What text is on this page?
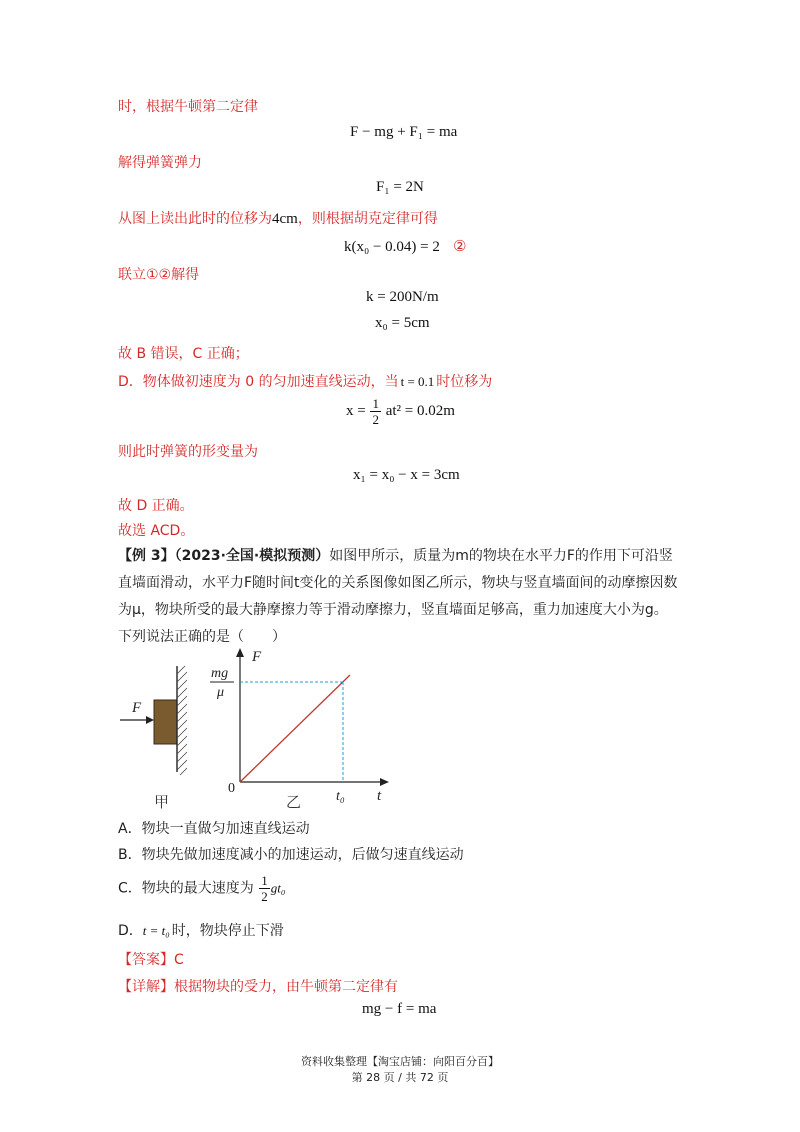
时，根据牛顿第二定律
F − mg + F₁ = ma
解得弹簧弹力
F₁ = 2N
从图上读出此时的位移为4cm，则根据胡克定律可得
k(x₀ − 0.04) = 2 ②
联立①②解得
k = 200N/m
x₀ = 5cm
故 B 错误，C 正确；
D．物体做初速度为 0 的匀加速直线运动，当 t = 0.1 时位移为
$x = \frac{1}{2} at^2 = 0.02m$
则此时弹簧的形变量为
x₁ = x₀ − x = 3cm
故 D 正确。
故选 ACD。
【例 3】（2023·全国·模拟预测）如图甲所示，质量为m的物块在水平力F的作用下可沿竖直墙面滑动，水平力F随时间t变化的关系图像如图乙所示，物块与竖直墙面间的动摩擦因数为μ，物块所受的最大静摩擦力等于滑动摩擦力，竖直墙面足够高，重力加速度大小为g。下列说法正确的是（　　）
F
甲
F
t
0
mg
μ
t₀
乙
A．物块一直做匀加速直线运动
B．物块先做加速度减小的加速运动，后做匀速直线运动
C．物块的最大速度为 $\frac{1}{2} gt_0$
D．t = t₀ 时，物块停止下滑
【答案】C
【详解】根据物块的受力，由牛顿第二定律有
mg − f = ma
资料收集整理【淘宝店铺：向阳百分百】
第 28 页 / 共 72 页
